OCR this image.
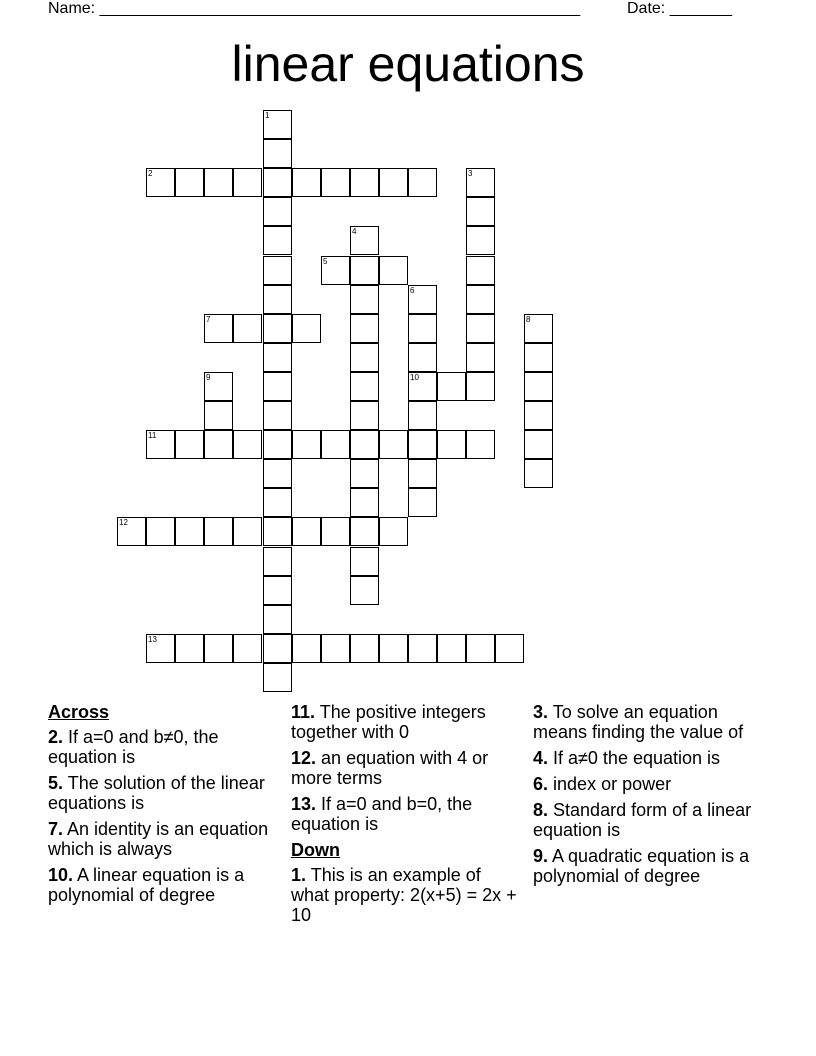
Name: ______________________________________________________	Date: _______
linear equations
1
2	3
4
5
6
10
7	8
9
11
12
13
Across
2. If a=0 and b≠0, the equation is
5. The solution of the linear equations is
7. An identity is an equation which is always
10. A linear equation is a polynomial of degree
11. The positive integers together with 0
12. an equation with 4 or more terms
13. If a=0 and b=0, the equation is
Down
1. This is an example of what property: 2(x+5) = 2x + 10
3. To solve an equation means finding the value of
4. If a≠0 the equation is
6. index or power
8. Standard form of a linear equation is
9. A quadratic equation is a polynomial of degree
